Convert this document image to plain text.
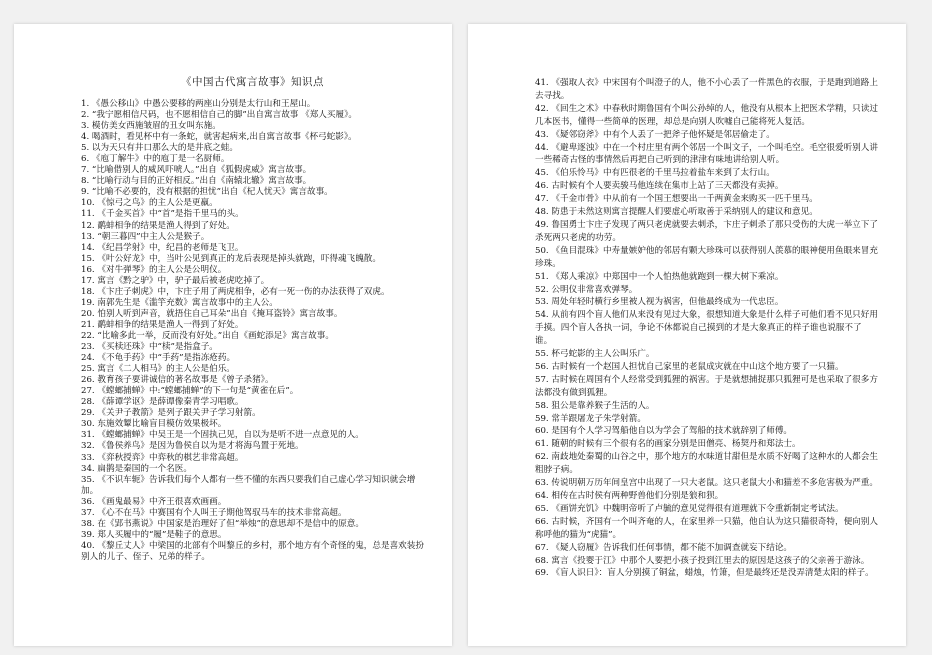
《中国古代寓言故事》知识点
1. 《愚公移山》中愚公要移的两座山分别是太行山和王屋山。
2. “我宁愿相信尺码，也不愿相信自己的脚”出自寓言故事 《郑人买履》。
3. 模仿美女西施皱眉的丑女叫东施。
4. 喝酒时，看见杯中有一条蛇，就害起病来,出自寓言故事《杯弓蛇影》。
5. 以为天只有井口那么大的是井底之蛙。
6. 《庖丁解牛》中的庖丁是一名厨师。
7. “比喻借别人的威风吓唬人。”出自《狐假虎威》寓言故事。
8. “比喻行动与目的正好相反。”出自《南辕北辙》寓言故事。
9. “比喻不必要的，没有根据的担忧”出自《杞人忧天》寓言故事。
10. 《惊弓之鸟》的主人公是更羸。
11. 《千金买首》中“首”是指千里马的头。
12. 鹬蚌相争的结果是渔人得到了好处。
13. “朝三暮四”中主人公是猴子。
14. 《纪昌学射》中，纪昌的老师是飞卫。
15. 《叶公好龙》中，当叶公见到真正的龙后表现是掉头就跑，吓得魂飞魄散。
16. 《对牛弹琴》的主人公是公明仪。
17. 寓言《黔之驴》中，驴子最后被老虎吃掉了。
18. 《卞庄子刺虎》中，卞庄子用了两虎相争，必有一死一伤的办法获得了双虎。
19. 南郭先生是《滥竽充数》寓言故事中的主人公。
20. 怕别人听到声音，就捂住自己耳朵”出自《掩耳盗铃》寓言故事。
21. 鹬蚌相争的结果是渔人一得到了好处。
22. “比喻多此一举，反而没有好处。”出自《画蛇添足》寓言故事。
23. 《买椟还珠》中“椟”是指盒子。
24. 《不龟手药》中“手药”是指冻疮药。
25. 寓言《二人相马》的主人公是伯乐。
26. 教育孩子要讲诚信的著名故事是《曾子杀猪》。
27. 《螳螂捕蝉》中:“螳螂捕蝉”的下一句是“黄雀在后”。
28. 《薛谭学讴》是薛谭像秦青学习唱歌。
29. 《关尹子教箭》是列子跟关尹子学习射箭。
30. 东施效颦比喻盲目模仿效果极坏。
31. 《螳螂捕蝉》中吴王是一个固执己见，自以为是听不进一点意见的人。
32. 《鲁侯养鸟》是因为鲁侯自以为是才将海鸟置于死地。
33. 《弈秋授弈》中弈秋的棋艺非常高超。
34. 扁鹊是秦国的一个名医。
35. 《不识车轭》告诉我们每个人都有一些不懂的东西只要我们自己虚心学习知识就会增加。
36. 《画鬼最易》中齐王很喜欢画画。
37. 《心不在马》中赛国有个人叫王子期他驾驭马车的技术非常高超。
38. 在《郢书燕说》中国家是治理好了但“举烛”的意思却不是信中的原意。
39. 郑人买履中的“履”是鞋子的意思。
40. 《黎丘丈人》中梁国的北部有个叫黎丘的乡村，那个地方有个奇怪的鬼，总是喜欢装扮别人的儿子、侄子、兄弟的样子。
41. 《强取人衣》中宋国有个叫澄子的人，他不小心丢了一件黑色的衣服，于是跑到道路上去寻找。
42. 《回生之术》中春秋时期鲁国有个叫公孙绰的人，他没有从根本上把医术学精，只读过几本医书，懂得一些简单的医理，却总是向别人吹嘘自己能将死人复活。
43. 《疑邻窃斧》中有个人丢了一把斧子他怀疑是邻居偷走了。
44. 《避卑逐浊》中在一个村庄里有两个邻居一个叫文子，一个叫毛空。毛空很爱听别人讲一些稀奇古怪的事情然后再把自己听到的津津有味地讲给别人听。
45. 《伯乐怜马》中有匹很老的千里马拉着盐车来到了太行山。
46. 古时候有个人要卖骏马他连续在集市上站了三天都没有卖掉。
47. 《千金市骨》中从前有一个国王想要出一千两黄金来购买一匹千里马。
48. 防患于未然这则寓言提醒人们要虚心听取善于采纳别人的建议和意见。
49. 鲁国勇士卞庄子发现了两只老虎就要去刺杀，卞庄子刺杀了那只受伤的大虎一举立下了杀死两只老虎的功劳。
50. 《鱼目混珠》中寿量嫉妒他的邻居有颗大珍珠可以获得别人羡慕的眼神便用鱼眼来冒充珍珠。
51. 《郑人乘凉》中郑国中一个人怕热他就跑到一棵大树下乘凉。
52. 公明仪非常喜欢弹琴。
53. 周处年轻时横行乡里被人视为祸害，但他最终成为一代忠臣。
54. 从前有四个盲人他们从来没有见过大象，很想知道大象是什么样子可他们看不见只好用手摸。四个盲人各执一词，争论不休都说自己摸到的才是大象真正的样子谁也说服不了谁。
55. 杯弓蛇影的主人公叫乐广。
56. 古时候有一个赵国人担忧自己家里的老鼠成灾就在中山这个地方要了一只猫。
57. 古时候在周国有个人经常受到狐狸的祸害。于是就想捕捉那只狐狸可是也采取了很多方法都没有做到狐狸。
58. 狙公是靠养猴子生活的人。
59. 常羊跟屠龙子朱学射箭。
60. 是国有个人学习驾船他自以为学会了驾船的技术就辞别了师傅。
61. 随朝的时候有三个很有名的画家分别是田僧亮、杨契丹和郑法士。
62. 南歧地处秦蜀的山谷之中，那个地方的水味道甘甜但是水质不好喝了这种水的人都会生粗脖子病。
63. 传说明朝万历年间皇宫中出现了一只大老鼠。这只老鼠大小和猫差不多危害极为严重。
64. 相传在古时侯有两种野兽他们分别是狼和狈。
65. 《画饼充饥》中魏明帝听了卢毓的意见觉得很有道理就下令重新制定考试法。
66. 古时候，齐国有一个叫齐奄的人，在家里养一只猫，他自认为这只猫很奇特，便向别人称呼他的猫为“虎猫”。
67. 《疑人窃履》告诉我们任何事情，都不能不加调查就妄下结论。
68. 寓言《投婴于江》中那个人要把小孩子投到江里去的原因是这孩子的父亲善于游泳。
69. 《盲人识日》：盲人分别摸了铜盆，蜡烛，竹箫，但是最终还是没弄清楚太阳的样子。
